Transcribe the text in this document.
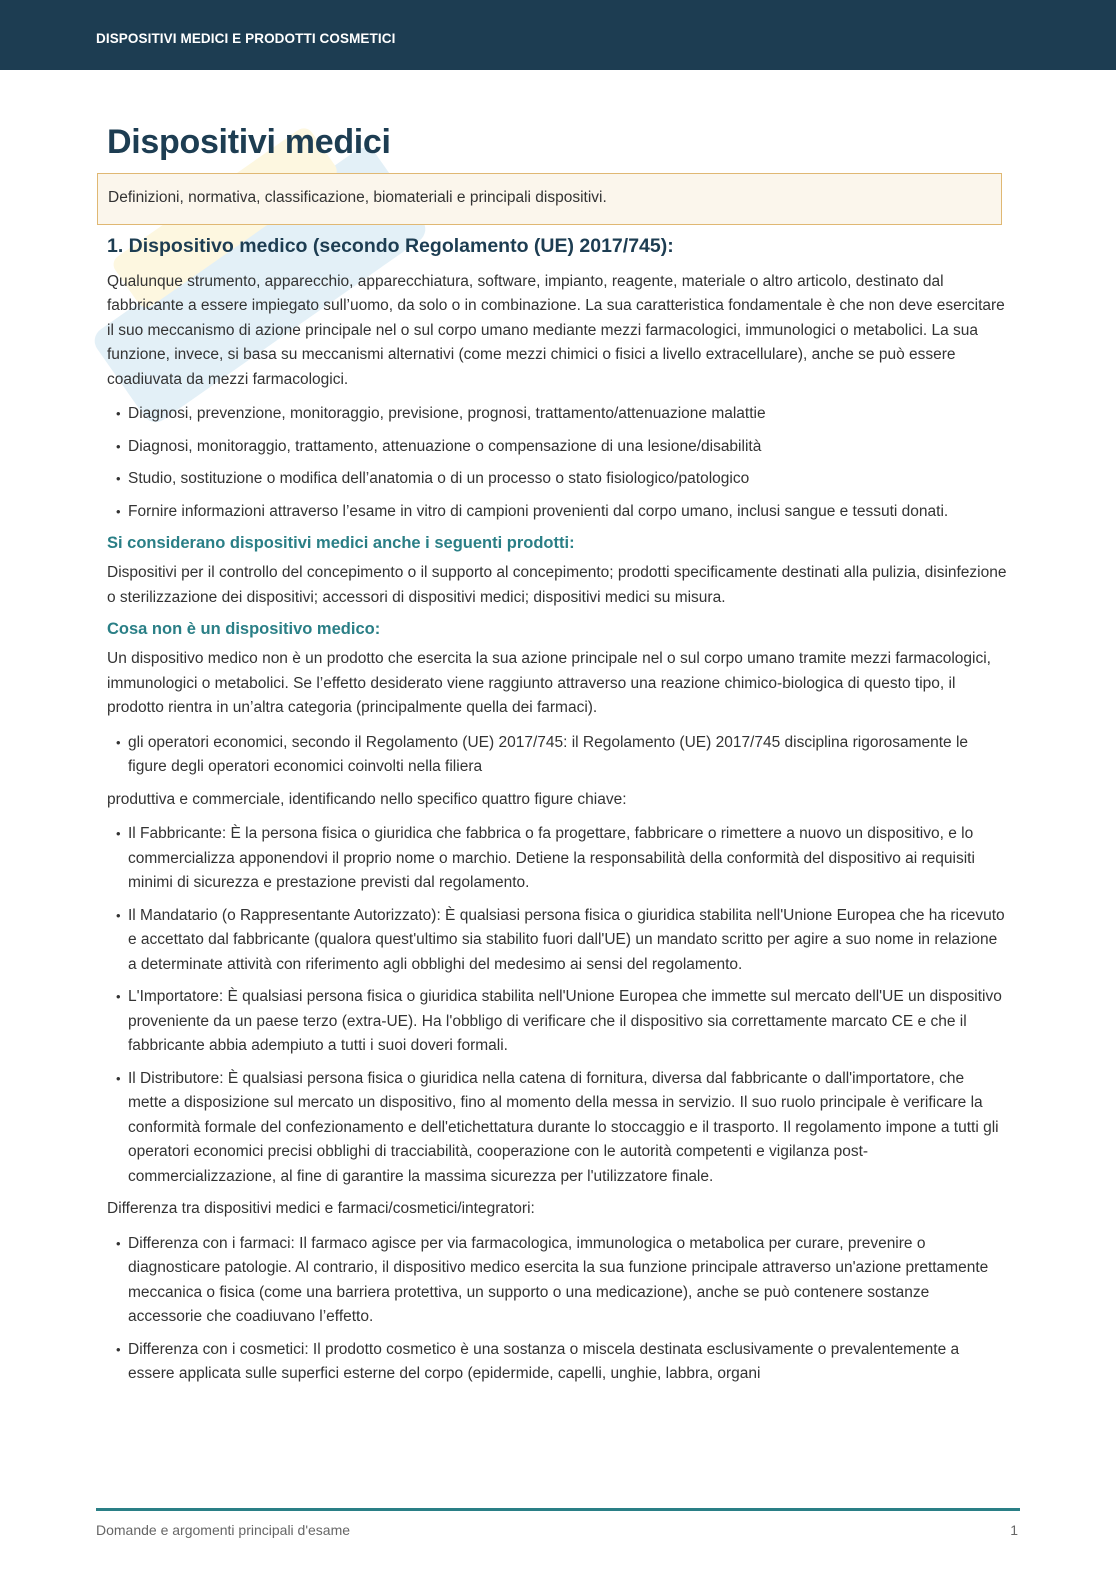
DISPOSITIVI MEDICI E PRODOTTI COSMETICI
Dispositivi medici
Definizioni, normativa, classificazione, biomateriali e principali dispositivi.
1. Dispositivo medico (secondo Regolamento (UE) 2017/745):

Qualunque strumento, apparecchio, apparecchiatura, software, impianto, reagente, materiale o altro articolo, destinato dal fabbricante a essere impiegato sull’uomo, da solo o in combinazione. La sua caratteristica fondamentale è che non deve esercitare il suo meccanismo di azione principale nel o sul corpo umano mediante mezzi farmacologici, immunologici o metabolici. La sua funzione, invece, si basa su meccanismi alternativi (come mezzi chimici o fisici a livello extracellulare), anche se può essere coadiuvata da mezzi farmacologici.

• Diagnosi, prevenzione, monitoraggio, previsione, prognosi, trattamento/attenuazione malattie
• Diagnosi, monitoraggio, trattamento, attenuazione o compensazione di una lesione/disabilità
• Studio, sostituzione o modifica dell’anatomia o di un processo o stato fisiologico/patologico
• Fornire informazioni attraverso l’esame in vitro di campioni provenienti dal corpo umano, inclusi sangue e tessuti donati.
Si considerano dispositivi medici anche i seguenti prodotti:

Dispositivi per il controllo del concepimento o il supporto al concepimento; prodotti specificamente destinati alla pulizia, disinfezione o sterilizzazione dei dispositivi; accessori di dispositivi medici; dispositivi medici su misura.

Cosa non è un dispositivo medico:

Un dispositivo medico non è un prodotto che esercita la sua azione principale nel o sul corpo umano tramite mezzi farmacologici, immunologici o metabolici. Se l’effetto desiderato viene raggiunto attraverso una reazione chimico-biologica di questo tipo, il prodotto rientra in un’altra categoria (principalmente quella dei farmaci).

• gli operatori economici, secondo il Regolamento (UE) 2017/745: il Regolamento (UE) 2017/745 disciplina rigorosamente le figure degli operatori economici coinvolti nella filiera

produttiva e commerciale, identificando nello specifico quattro figure chiave:

• Il Fabbricante: È la persona fisica o giuridica che fabbrica o fa progettare, fabbricare o rimettere a nuovo un dispositivo, e lo commercializza apponendovi il proprio nome o marchio. Detiene la responsabilità della conformità del dispositivo ai requisiti minimi di sicurezza e prestazione previsti dal regolamento.
• Il Mandatario (o Rappresentante Autorizzato): È qualsiasi persona fisica o giuridica stabilita nell'Unione Europea che ha ricevuto e accettato dal fabbricante (qualora quest'ultimo sia stabilito fuori dall'UE) un mandato scritto per agire a suo nome in relazione a determinate attività con riferimento agli obblighi del medesimo ai sensi del regolamento.
• L'Importatore: È qualsiasi persona fisica o giuridica stabilita nell'Unione Europea che immette sul mercato dell'UE un dispositivo proveniente da un paese terzo (extra-UE). Ha l'obbligo di verificare che il dispositivo sia correttamente marcato CE e che il fabbricante abbia adempiuto a tutti i suoi doveri formali.
• Il Distributore: È qualsiasi persona fisica o giuridica nella catena di fornitura, diversa dal fabbricante o dall'importatore, che mette a disposizione sul mercato un dispositivo, fino al momento della messa in servizio. Il suo ruolo principale è verificare la conformità formale del confezionamento e dell'etichettatura durante lo stoccaggio e il trasporto. Il regolamento impone a tutti gli operatori economici precisi obblighi di tracciabilità, cooperazione con le autorità competenti e vigilanza post-commercializzazione, al fine di garantire la massima sicurezza per l'utilizzatore finale.

Differenza tra dispositivi medici e farmaci/cosmetici/integratori:

• Differenza con i farmaci: Il farmaco agisce per via farmacologica, immunologica o metabolica per curare, prevenire o diagnosticare patologie. Al contrario, il dispositivo medico esercita la sua funzione principale attraverso un'azione prettamente meccanica o fisica (come una barriera protettiva, un supporto o una medicazione), anche se può contenere sostanze accessorie che coadiuvano l’effetto.
• Differenza con i cosmetici: Il prodotto cosmetico è una sostanza o miscela destinata esclusivamente o prevalentemente a essere applicata sulle superfici esterne del corpo (epidermide, capelli, unghie, labbra, organi
Domande e argomenti principali d'esame	1
